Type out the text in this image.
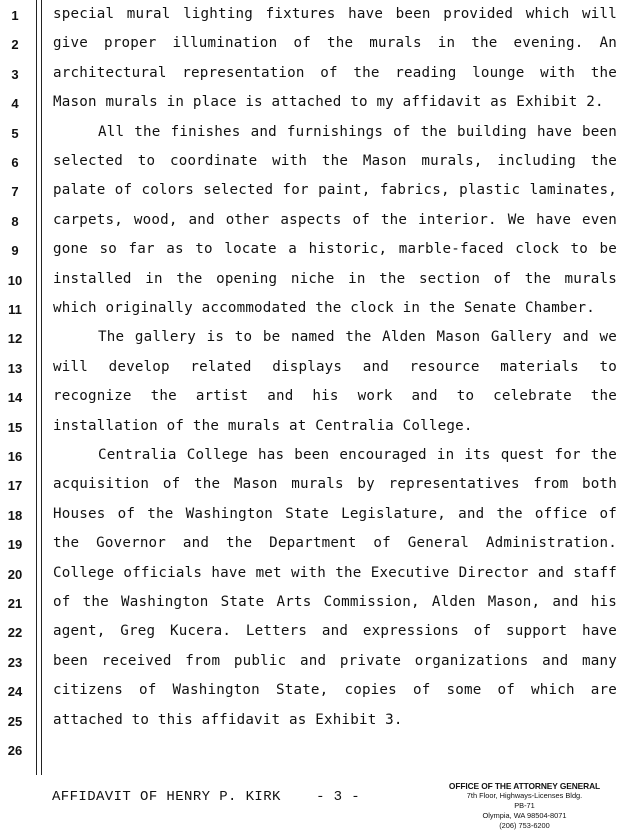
1
2
3
4
5
6
7
8
9
10
11
12
13
14
15
16
17
18
19
20
21
22
23
24
25
26
special mural lighting fixtures have been provided which will
give proper illumination of the murals in the evening. An
architectural representation of the reading lounge with the
Mason murals in place is attached to my affidavit as Exhibit 2.
All the finishes and furnishings of the building have been
selected to coordinate with the Mason murals, including the
palate of colors selected for paint, fabrics, plastic laminates,
carpets, wood, and other aspects of the interior. We have even
gone so far as to locate a historic, marble-faced clock to be
installed in the opening niche in the section of the murals
which originally accommodated the clock in the Senate Chamber.
The gallery is to be named the Alden Mason Gallery and we
will develop related displays and resource materials to
recognize the artist and his work and to celebrate the
installation of the murals at Centralia College.
Centralia College has been encouraged in its quest for the
acquisition of the Mason murals by representatives from both
Houses of the Washington State Legislature, and the office of
the Governor and the Department of General Administration.
College officials have met with the Executive Director and staff
of the Washington State Arts Commission, Alden Mason, and his
agent, Greg Kucera. Letters and expressions of support have
been received from public and private organizations and many
citizens of Washington State, copies of some of which are
attached to this affidavit as Exhibit 3.
AFFIDAVIT OF HENRY P. KIRK	- 3 -
OFFICE OF THE ATTORNEY GENERAL
7th Floor, Highways-Licenses Bldg.
PB-71
Olympia, WA 98504-8071
(206) 753-6200
